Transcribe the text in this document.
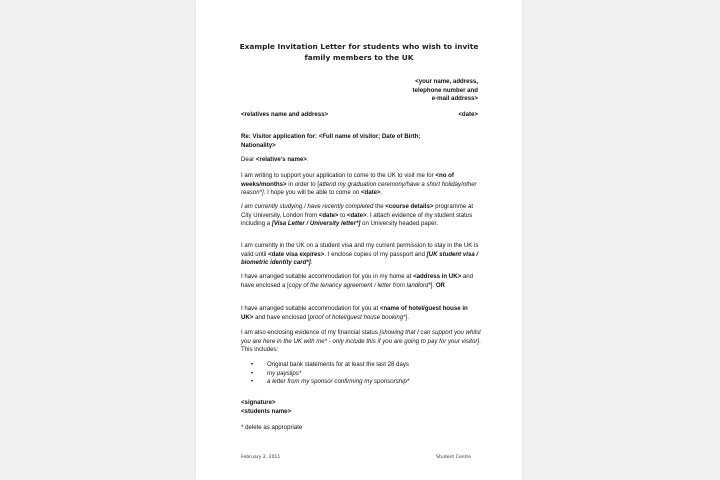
Example Invitation Letter for students who wish to invite
family members to the UK
<your name, address,
telephone number and
e-mail address>
<relatives name and address>	<date>
Re: Visitor application for: <Full name of visitor; Date of Birth;
Nationality>
Dear <relative's name>.
I am writing to support your application to come to the UK to visit me for <no of weeks/months> in order to [attend my graduation ceremony/have a short holiday/other reason*]. I hope you will be able to come on <date>.
I am currently studying / have recently completed the <course details> programme at City University, London from <date> to <date>. I attach evidence of my student status including a [Visa Letter / University letter*] on University headed paper.
I am currently in the UK on a student visa and my current permission to stay in the UK is valid until <date visa expires>. I enclose copies of my passport and [UK student visa / biometric identity card*].
I have arranged suitable accommodation for you in my home at <address in UK> and have enclosed a [copy of the tenancy agreement / letter from landlord*]. OR
I have arranged suitable accommodation for you at <name of hotel/guest house in UK> and have enclosed [proof of hotel/guest house booking*].
I am also enclosing evidence of my financial status [showing that I can support you whilst you are here in the UK with me* - only include this if you are going to pay for your visitor]. This includes:
• Original bank statements for at least the last 28 days
• my payslips*
• a letter from my sponsor confirming my sponsorship*
<signature>
<students name>
* delete as appropriate
February 2, 2011	Student Centre
